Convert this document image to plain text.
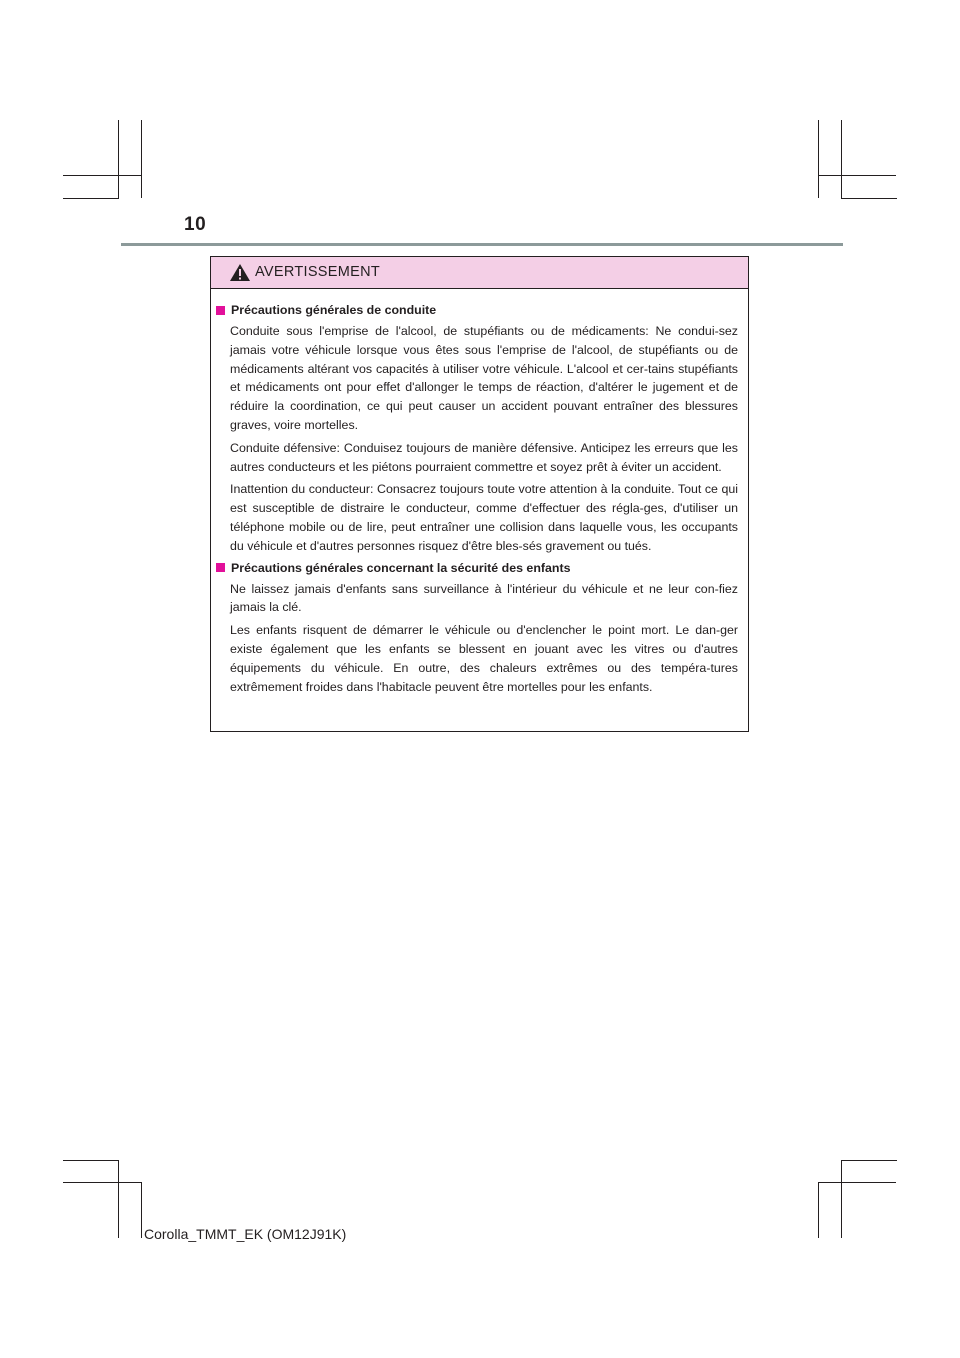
10
AVERTISSEMENT
Précautions générales de conduite

Conduite sous l'emprise de l'alcool, de stupéfiants ou de médicaments: Ne condui-sez jamais votre véhicule lorsque vous êtes sous l'emprise de l'alcool, de stupéfiants ou de médicaments altérant vos capacités à utiliser votre véhicule. L'alcool et cer-tains stupéfiants et médicaments ont pour effet d'allonger le temps de réaction, d'altérer le jugement et de réduire la coordination, ce qui peut causer un accident pouvant entraîner des blessures graves, voire mortelles.

Conduite défensive: Conduisez toujours de manière défensive. Anticipez les erreurs que les autres conducteurs et les piétons pourraient commettre et soyez prêt à éviter un accident.

Inattention du conducteur: Consacrez toujours toute votre attention à la conduite. Tout ce qui est susceptible de distraire le conducteur, comme d'effectuer des régla-ges, d'utiliser un téléphone mobile ou de lire, peut entraîner une collision dans laquelle vous, les occupants du véhicule et d'autres personnes risquez d'être bles-sés gravement ou tués.

Précautions générales concernant la sécurité des enfants

Ne laissez jamais d'enfants sans surveillance à l'intérieur du véhicule et ne leur con-fiez jamais la clé.

Les enfants risquent de démarrer le véhicule ou d'enclencher le point mort. Le dan-ger existe également que les enfants se blessent en jouant avec les vitres ou d'autres équipements du véhicule. En outre, des chaleurs extrêmes ou des tempéra-tures extrêmement froides dans l'habitacle peuvent être mortelles pour les enfants.

Corolla_TMMT_EK (OM12J91K)
